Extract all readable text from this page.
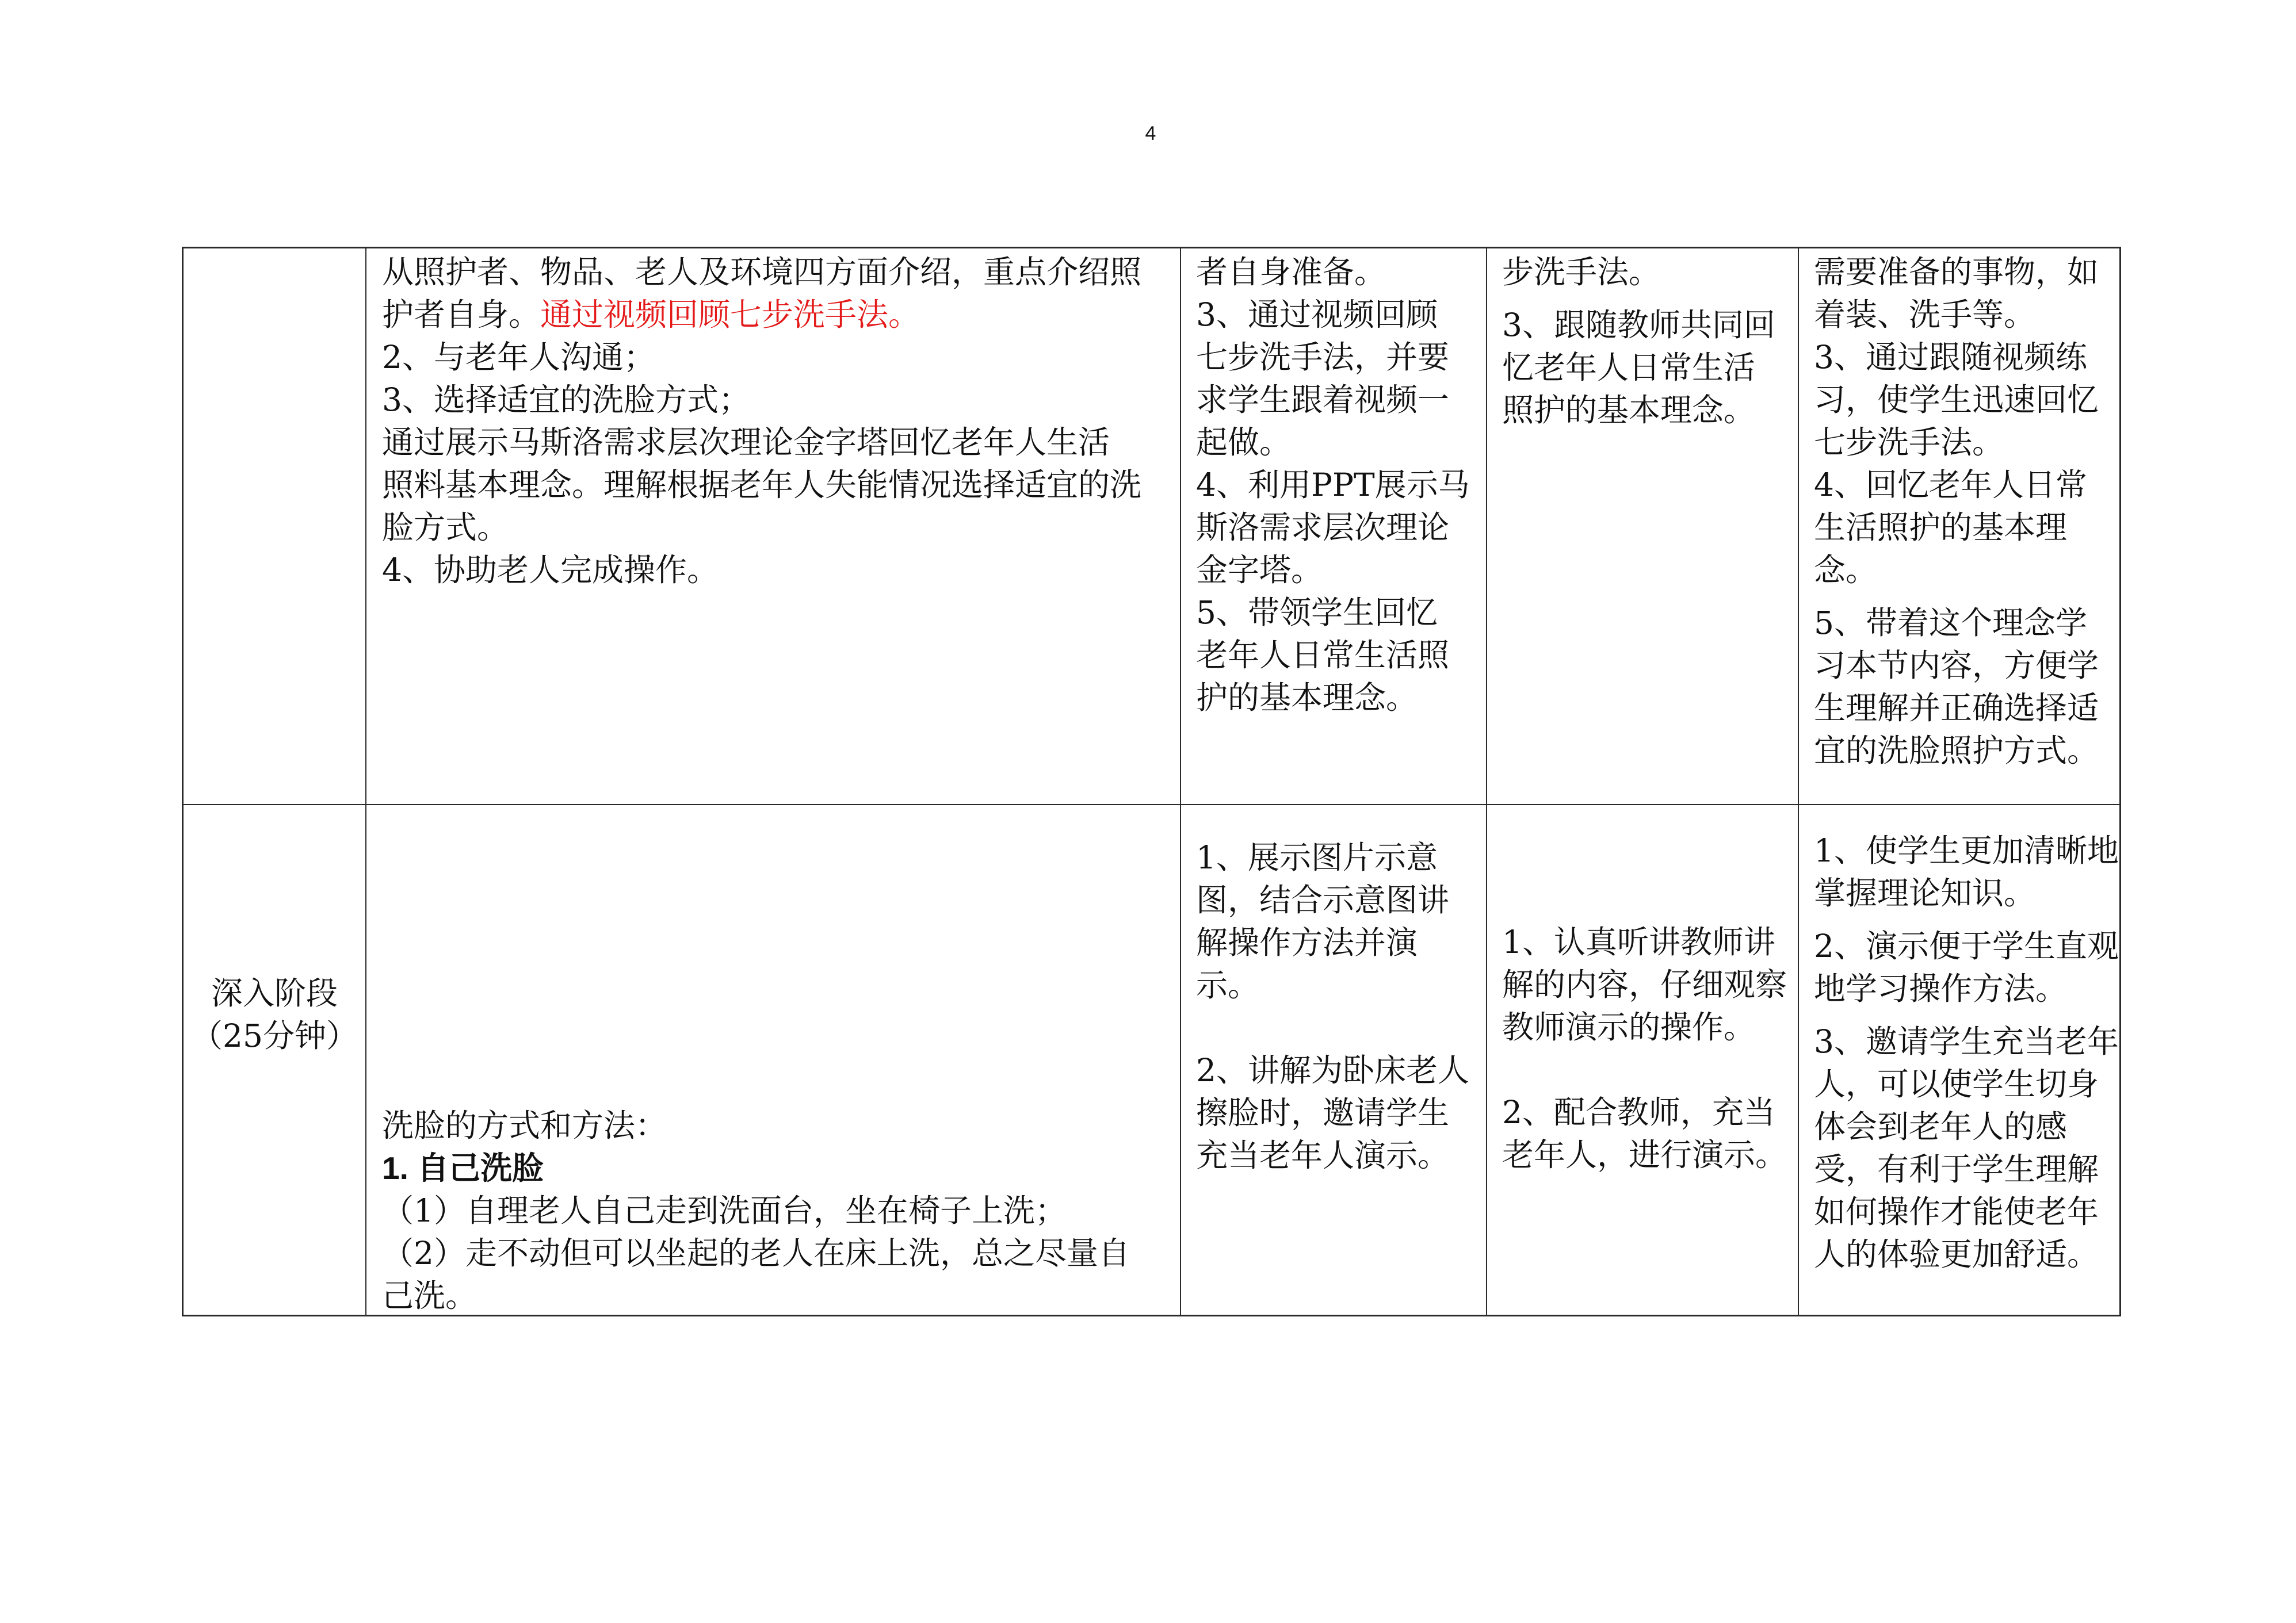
4

从照护者、物品、老人及环境四方面介绍，重点介绍照

护者自身。通过视频回顾七步洗手法。

2、与老年人沟通；

3、选择适宜的洗脸方式；

通过展示马斯洛需求层次理论金字塔回忆老年人生活

照料基本理念。理解根据老年人失能情况选择适宜的洗

脸方式。

4、协助老人完成操作。

者自身准备。

3、通过视频回顾

七步洗手法，并要

求学生跟着视频一

起做。

4、利用PPT展示马

斯洛需求层次理论

金字塔。

5、带领学生回忆

老年人日常生活照

护的基本理念。

步洗手法。

3、跟随教师共同回

忆老年人日常生活

照护的基本理念。

需要准备的事物，如

着装、洗手等。

3、通过跟随视频练

习，使学生迅速回忆

七步洗手法。

4、回忆老年人日常

生活照护的基本理

念。

5、带着这个理念学

习本节内容，方便学

生理解并正确选择适

宜的洗脸照护方式。

深入阶段

（25分钟）

洗脸的方式和方法：

1. 自己洗脸

（1）自理老人自己走到洗面台，坐在椅子上洗；

（2）走不动但可以坐起的老人在床上洗，总之尽量自

己洗。

1、展示图片示意

图，结合示意图讲

解操作方法并演

示。

2、讲解为卧床老人

擦脸时，邀请学生

充当老年人演示。

1、认真听讲教师讲

解的内容，仔细观察

教师演示的操作。

2、配合教师，充当

老年人，进行演示。

1、使学生更加清晰地

掌握理论知识。

2、演示便于学生直观

地学习操作方法。

3、邀请学生充当老年

人，可以使学生切身

体会到老年人的感

受，有利于学生理解

如何操作才能使老年

人的体验更加舒适。
